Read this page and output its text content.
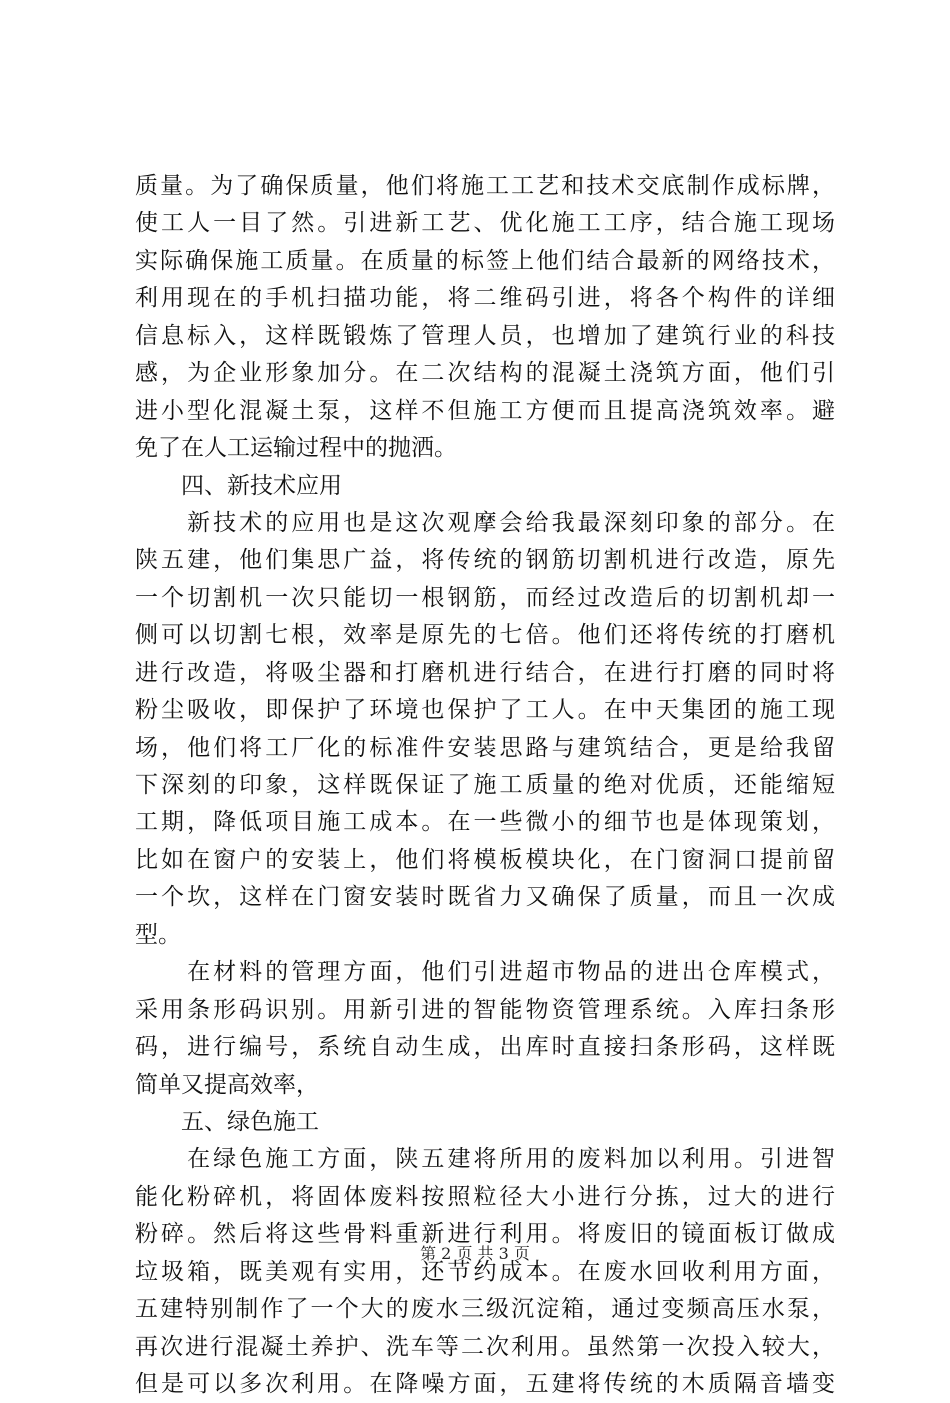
质量。为了确保质量，他们将施工工艺和技术交底制作成标牌，
使工人一目了然。引进新工艺、优化施工工序，结合施工现场
实际确保施工质量。在质量的标签上他们结合最新的网络技术，
利用现在的手机扫描功能，将二维码引进，将各个构件的详细
信息标入，这样既锻炼了管理人员，也增加了建筑行业的科技
感，为企业形象加分。在二次结构的混凝土浇筑方面，他们引
进小型化混凝土泵，这样不但施工方便而且提高浇筑效率。避
免了在人工运输过程中的抛洒。
　　四、新技术应用
　　新技术的应用也是这次观摩会给我最深刻印象的部分。在
陕五建，他们集思广益，将传统的钢筋切割机进行改造，原先
一个切割机一次只能切一根钢筋，而经过改造后的切割机却一
侧可以切割七根，效率是原先的七倍。他们还将传统的打磨机
进行改造，将吸尘器和打磨机进行结合，在进行打磨的同时将
粉尘吸收，即保护了环境也保护了工人。在中天集团的施工现
场，他们将工厂化的标准件安装思路与建筑结合，更是给我留
下深刻的印象，这样既保证了施工质量的绝对优质，还能缩短
工期，降低项目施工成本。在一些微小的细节也是体现策划，
比如在窗户的安装上，他们将模板模块化，在门窗洞口提前留
一个坎，这样在门窗安装时既省力又确保了质量，而且一次成
型。
　　在材料的管理方面，他们引进超市物品的进出仓库模式，
采用条形码识别。用新引进的智能物资管理系统。入库扫条形
码，进行编号，系统自动生成，出库时直接扫条形码，这样既
简单又提高效率，
　　五、绿色施工
　　在绿色施工方面，陕五建将所用的废料加以利用。引进智
能化粉碎机，将固体废料按照粒径大小进行分拣，过大的进行
粉碎。然后将这些骨料重新进行利用。将废旧的镜面板订做成
垃圾箱，既美观有实用，还节约成本。在废水回收利用方面，
五建特别制作了一个大的废水三级沉淀箱，通过变频高压水泵，
再次进行混凝土养护、洗车等二次利用。虽然第一次投入较大，
但是可以多次利用。在降噪方面，五建将传统的木质隔音墙变
第 2 页 共 3 页
